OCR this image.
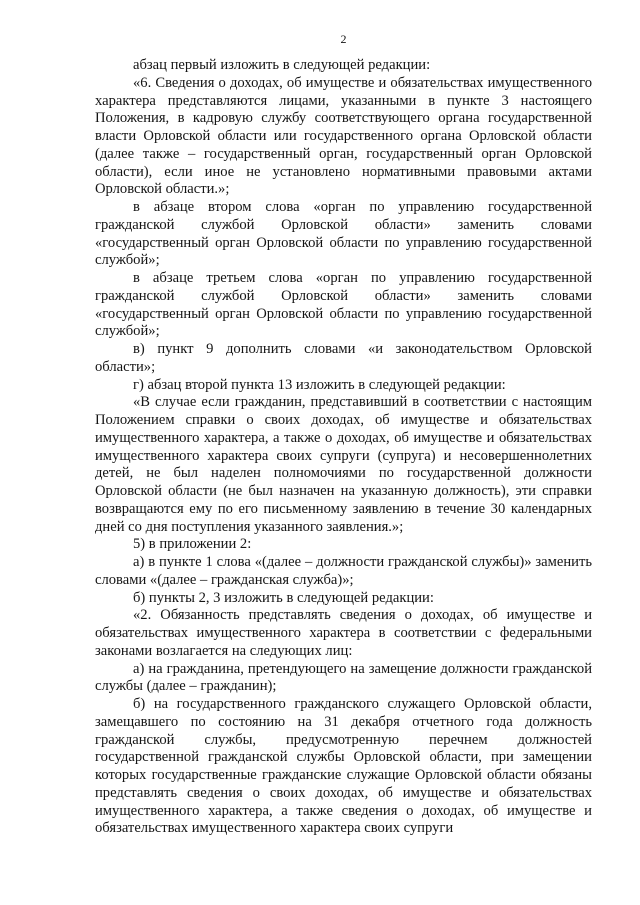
2

абзац первый изложить в следующей редакции:

«6. Сведения о доходах, об имуществе и обязательствах имущественного характера представляются лицами, указанными в пункте 3 настоящего Положения, в кадровую службу соответствующего органа государственной власти Орловской области или государственного органа Орловской области (далее также – государственный орган, государственный орган Орловской области), если иное не установлено нормативными правовыми актами Орловской области.»;

в абзаце втором слова «орган по управлению государственной гражданской службой Орловской области» заменить словами «государственный орган Орловской области по управлению государственной службой»;

в абзаце третьем слова «орган по управлению государственной гражданской службой Орловской области» заменить словами «государственный орган Орловской области по управлению государственной службой»;

в) пункт 9 дополнить словами «и законодательством Орловской области»;

г) абзац второй пункта 13 изложить в следующей редакции:

«В случае если гражданин, представивший в соответствии с настоящим Положением справки о своих доходах, об имуществе и обязательствах имущественного характера, а также о доходах, об имуществе и обязательствах имущественного характера своих супруги (супруга) и несовершеннолетних детей, не был наделен полномочиями по государственной должности Орловской области (не был назначен на указанную должность), эти справки возвращаются ему по его письменному заявлению в течение 30 календарных дней со дня поступления указанного заявления.»;

5) в приложении 2:

а) в пункте 1 слова «(далее – должности гражданской службы)» заменить словами «(далее – гражданская служба)»;

б) пункты 2, 3 изложить в следующей редакции:

«2. Обязанность представлять сведения о доходах, об имуществе и обязательствах имущественного характера в соответствии с федеральными законами возлагается на следующих лиц:

а) на гражданина, претендующего на замещение должности гражданской службы (далее – гражданин);

б) на государственного гражданского служащего Орловской области, замещавшего по состоянию на 31 декабря отчетного года должность гражданской службы, предусмотренную перечнем должностей государственной гражданской службы Орловской области, при замещении которых государственные гражданские служащие Орловской области обязаны представлять сведения о своих доходах, об имуществе и обязательствах имущественного характера, а также сведения о доходах, об имуществе и обязательствах имущественного характера своих супруги
